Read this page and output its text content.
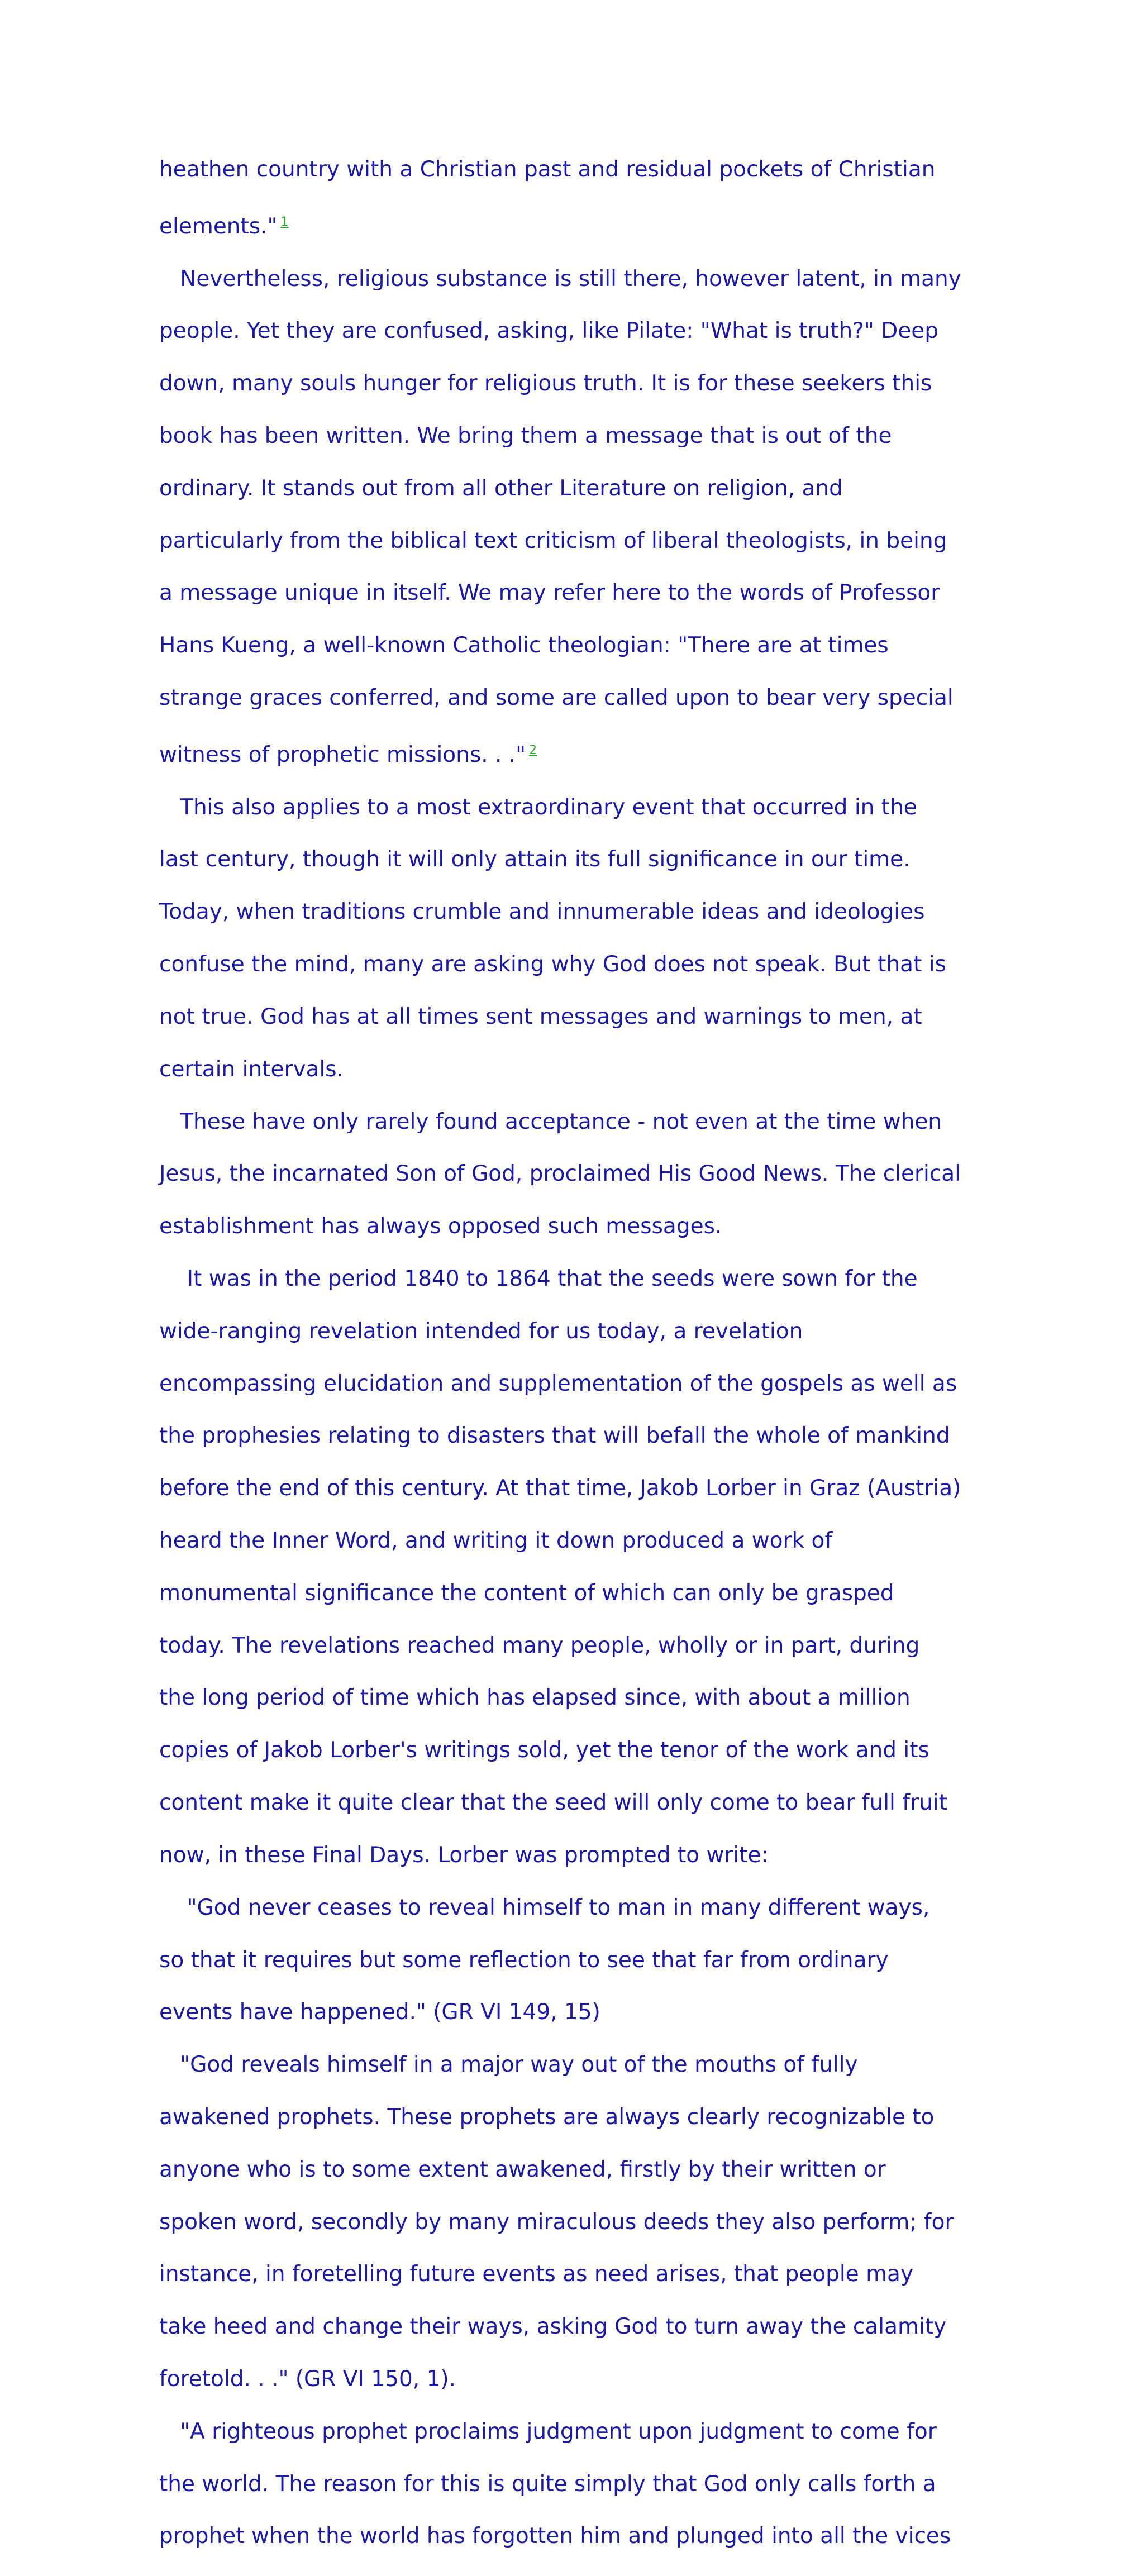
heathen country with a Christian past and residual pockets of Christian

elements." $^1$

Nevertheless, religious substance is still there, however latent, in many

people. Yet they are confused, asking, like Pilate: "What is truth?" Deep

down, many souls hunger for religious truth. It is for these seekers this

book has been written. We bring them a message that is out of the

ordinary. It stands out from all other Literature on religion, and

particularly from the biblical text criticism of liberal theologists, in being

a message unique in itself. We may refer here to the words of Professor

Hans Kueng, a well-known Catholic theologian: "There are at times

strange graces conferred, and some are called upon to bear very special

witness of prophetic missions. . ." $^2$

This also applies to a most extraordinary event that occurred in the

last century, though it will only attain its full significance in our time.

Today, when traditions crumble and innumerable ideas and ideologies

confuse the mind, many are asking why God does not speak. But that is

not true. God has at all times sent messages and warnings to men, at

certain intervals.

These have only rarely found acceptance - not even at the time when

Jesus, the incarnated Son of God, proclaimed His Good News. The clerical

establishment has always opposed such messages.

It was in the period 1840 to 1864 that the seeds were sown for the

wide-ranging revelation intended for us today, a revelation

encompassing elucidation and supplementation of the gospels as well as

the prophesies relating to disasters that will befall the whole of mankind

before the end of this century. At that time, Jakob Lorber in Graz (Austria)

heard the Inner Word, and writing it down produced a work of

monumental significance the content of which can only be grasped

today. The revelations reached many people, wholly or in part, during

the long period of time which has elapsed since, with about a million

copies of Jakob Lorber's writings sold, yet the tenor of the work and its

content make it quite clear that the seed will only come to bear full fruit

now, in these Final Days. Lorber was prompted to write:

"God never ceases to reveal himself to man in many different ways,

so that it requires but some reflection to see that far from ordinary

events have happened." (GR VI 149, 15)

"God reveals himself in a major way out of the mouths of fully

awakened prophets. These prophets are always clearly recognizable to

anyone who is to some extent awakened, firstly by their written or

spoken word, secondly by many miraculous deeds they also perform; for

instance, in foretelling future events as need arises, that people may

take heed and change their ways, asking God to turn away the calamity

foretold. . ." (GR VI 150, 1).

"A righteous prophet proclaims judgment upon judgment to come for

the world. The reason for this is quite simply that God only calls forth a

prophet when the world has forgotten him and plunged into all the vices
